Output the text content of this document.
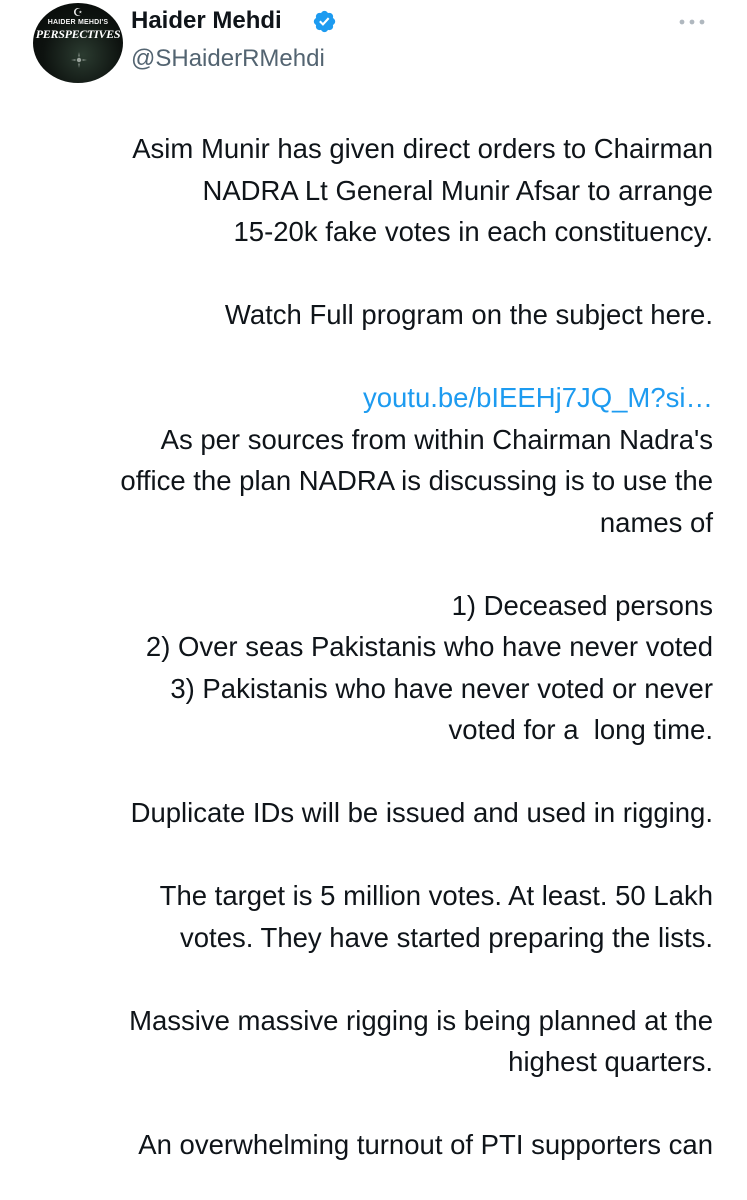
☪
HAIDER MEHDI'S
PERSPECTIVES Haider Mehdi
@SHaiderRMehdi
Asim Munir has given direct orders to Chairman
NADRA Lt General Munir Afsar to arrange
15-20k fake votes in each constituency.
Watch Full program on the subject here.

youtu.be/bIEEHj7JQ_M?si…

As per sources from within Chairman Nadra's
office the plan NADRA is discussing is to use the
names of
1) Deceased persons
2) Over seas Pakistanis who have never voted
3) Pakistanis who have never voted or never
voted for a  long time.
Duplicate IDs will be issued and used in rigging.
The target is 5 million votes. At least. 50 Lakh
votes. They have started preparing the lists.
Massive massive rigging is being planned at the
highest quarters.
An overwhelming turnout of PTI supporters can
